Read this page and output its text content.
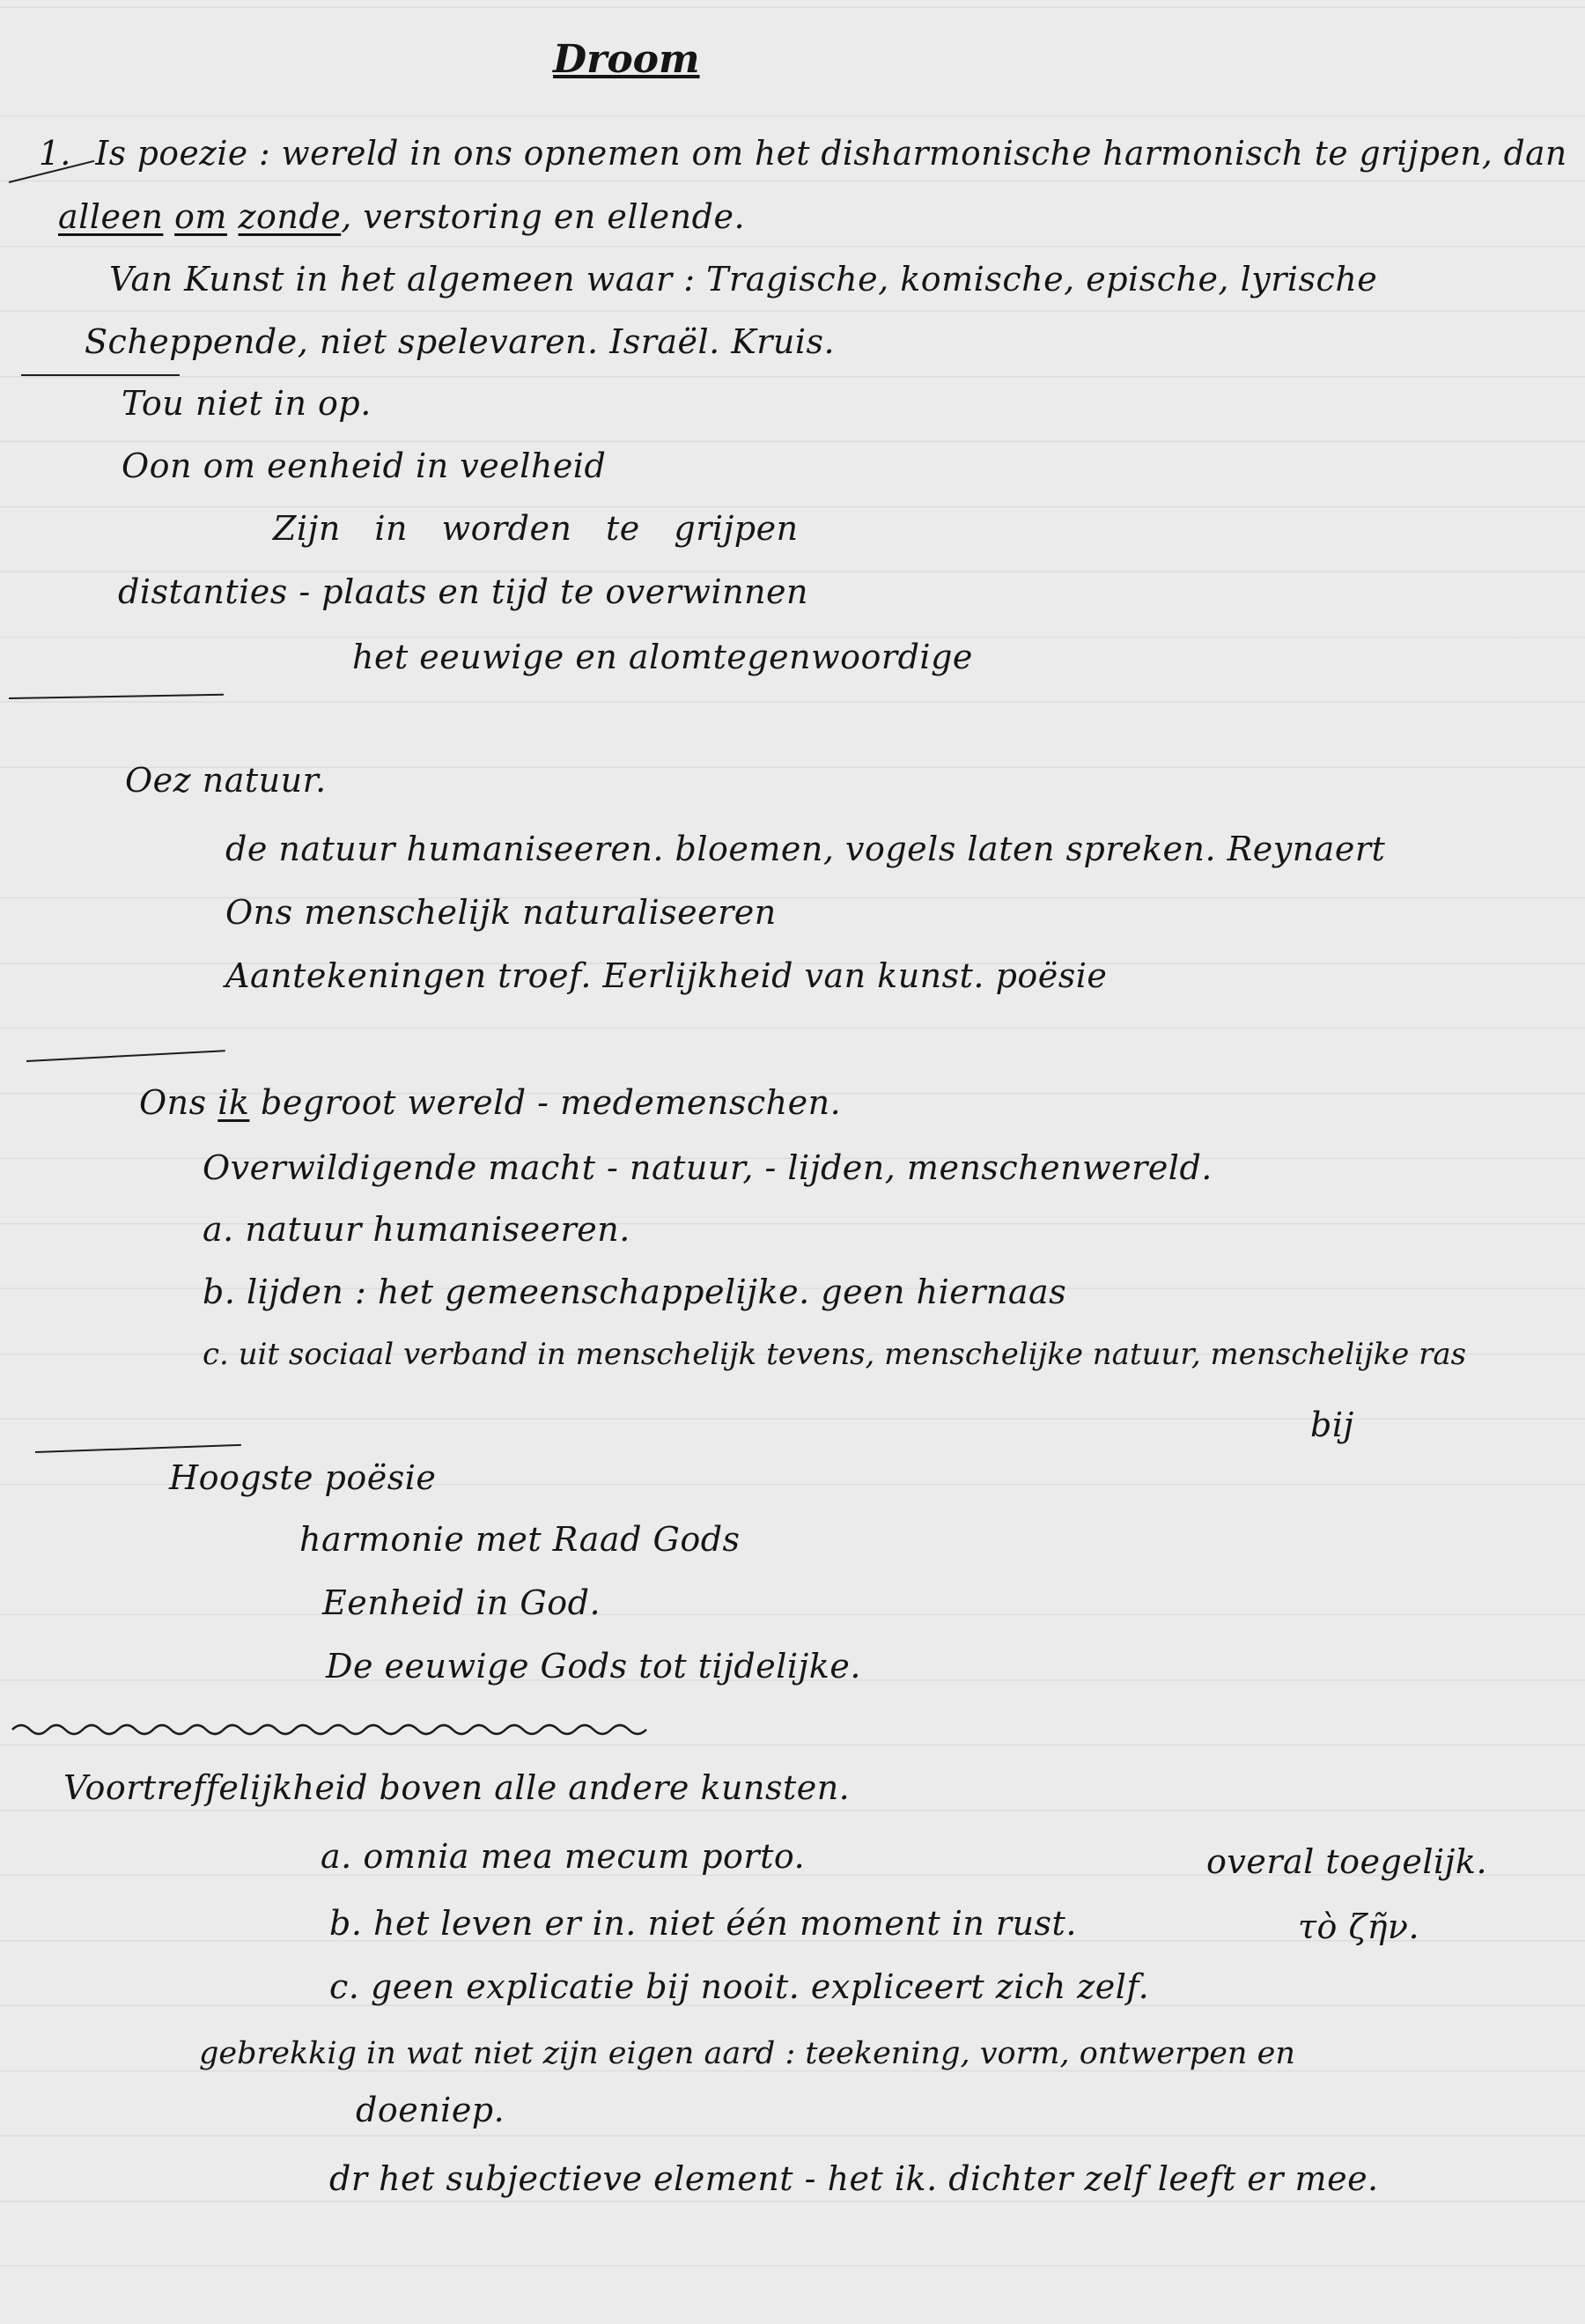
Droom
1. Is poezie : wereld in ons opnemen om het disharmonische harmonisch te grijpen, dan
alleen om zonde, verstoring en ellende.
Van Kunst in het algemeen waar : Tragische, komische, epische, lyrische
Scheppende, niet spelevaren. Israël. Kruis.
Tou niet in op.
Oon om eenheid in veelheid
Zijn in worden te grijpen
distanties - plaats en tijd te overwinnen
het eeuwige en alomtegenwoordige
Oez natuur.
de natuur humaniseeren. bloemen, vogels laten spreken. Reynaert
Ons menschelijk naturaliseeren
Aantekeningen troef. Eerlijkheid van kunst. poësie
Ons ik begroot wereld - medemenschen.
Overwildigende macht - natuur, - lijden, menschenwereld.
a. natuur humaniseeren.
b. lijden : het gemeenschappelijke. geen hiernaas
c. uit sociaal verband in menschelijk tevens, menschelijke natuur, menschelijke ras
bij
Hoogste poësie
harmonie met Raad Gods
Eenheid in God.
De eeuwige Gods tot tijdelijke.
Voortreffelijkheid boven alle andere kunsten.
a. omnia mea mecum porto.	overal toegelijk.
b. het leven er in. niet één moment in rust.	τὸ ζῆν.
c. geen explicatie bij nooit. expliceert zich zelf.
gebrekkig in wat niet zijn eigen aard : teekening, vorm, ontwerpen en
doeniep.
dr het subjectieve element - het ik. dichter zelf leeft er mee.
